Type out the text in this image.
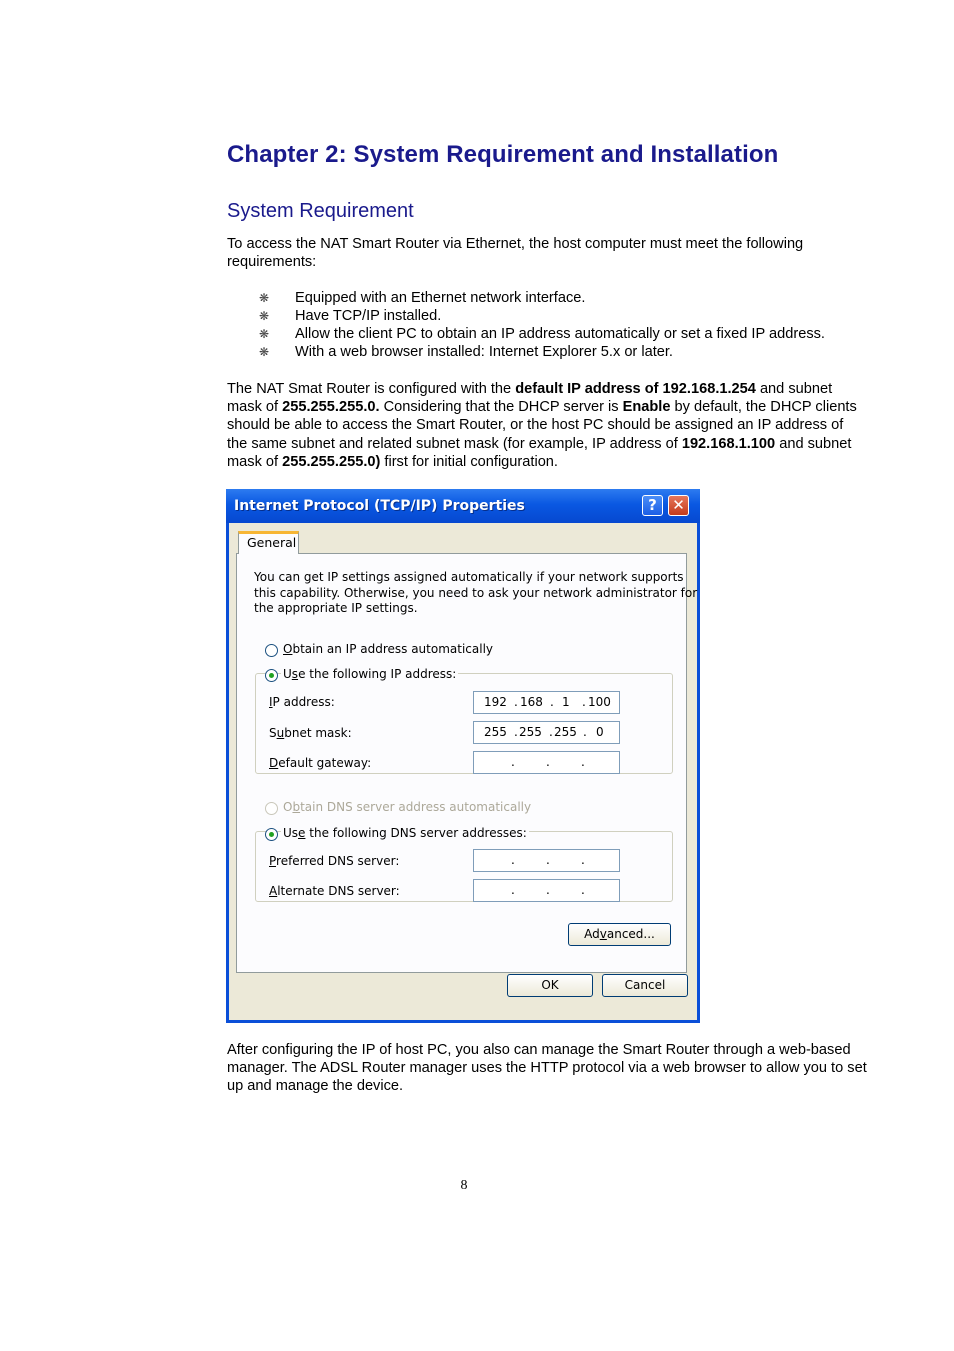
Chapter 2: System Requirement and Installation
System Requirement

To access the NAT Smart Router via Ethernet, the host computer must meet the following requirements:

❋ Equipped with an Ethernet network interface.
❋ Have TCP/IP installed.
❋ Allow the client PC to obtain an IP address automatically or set a fixed IP address.
❋ With a web browser installed: Internet Explorer 5.x or later.

The NAT Smat Router is configured with the default IP address of 192.168.1.254 and subnet mask of 255.255.255.0. Considering that the DHCP server is Enable by default, the DHCP clients should be able to access the Smart Router, or the host PC should be assigned an IP address of the same subnet and related subnet mask (for example, IP address of 192.168.1.100 and subnet mask of 255.255.255.0) first for initial configuration.

Internet Protocol (TCP/IP) Properties	?	✕
General
You can get IP settings assigned automatically if your network supports
this capability. Otherwise, you need to ask your network administrator for
the appropriate IP settings.
Obtain an IP address automatically
Use the following IP address:
IP address:	192 . 168 . 1 . 100
Subnet mask:	255 . 255 . 255 . 0
Default gateway:	.	.	.
Obtain DNS server address automatically
Use the following DNS server addresses:
Preferred DNS server:	.	.	.
Alternate DNS server:	.	.	.
Advanced...
OK	Cancel

After configuring the IP of host PC, you also can manage the Smart Router through a web-based manager. The ADSL Router manager uses the HTTP protocol via a web browser to allow you to set up and manage the device.

8
